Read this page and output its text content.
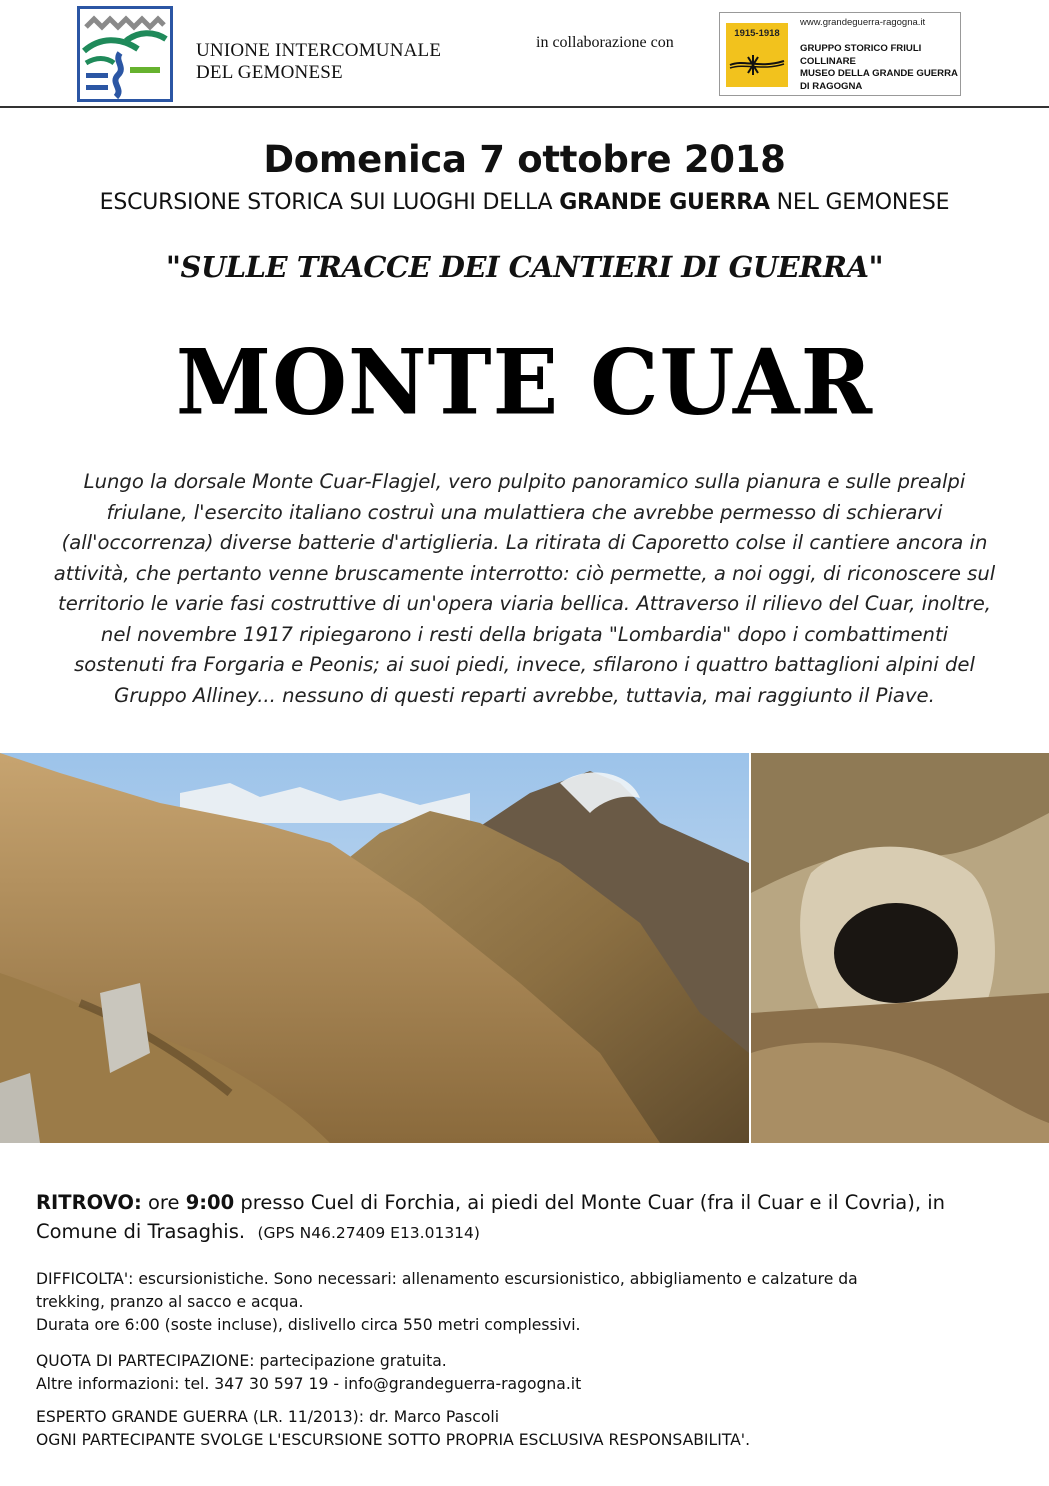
UNIONE INTERCOMUNALE
DEL GEMONESE
in collaborazione con
1915-1918
www.grandeguerra-ragogna.it
GRUPPO STORICO FRIULI COLLINARE
MUSEO DELLA GRANDE GUERRA
DI RAGOGNA
Domenica 7 ottobre 2018
ESCURSIONE STORICA SUI LUOGHI DELLA GRANDE GUERRA NEL GEMONESE
"SULLE TRACCE DEI CANTIERI DI GUERRA"
MONTE CUAR
Lungo la dorsale Monte Cuar-Flagjel, vero pulpito panoramico sulla pianura e sulle prealpi
friulane, l'esercito italiano costruì una mulattiera che avrebbe permesso di schierarvi
(all'occorrenza) diverse batterie d'artiglieria. La ritirata di Caporetto colse il cantiere ancora in
attività, che pertanto venne bruscamente interrotto: ciò permette, a noi oggi, di riconoscere sul
territorio le varie fasi costruttive di un'opera viaria bellica. Attraverso il rilievo del Cuar, inoltre,
nel novembre 1917 ripiegarono i resti della brigata "Lombardia" dopo i combattimenti
sostenuti fra Forgaria e Peonis; ai suoi piedi, invece, sfilarono i quattro battaglioni alpini del
Gruppo Alliney... nessuno di questi reparti avrebbe, tuttavia, mai raggiunto il Piave.
RITROVO: ore 9:00 presso Cuel di Forchia, ai piedi del Monte Cuar (fra il Cuar e il Covria), in
Comune di Trasaghis. (GPS N46.27409 E13.01314)
DIFFICOLTA': escursionistiche. Sono necessari: allenamento escursionistico, abbigliamento e calzature da
trekking, pranzo al sacco e acqua.
Durata ore 6:00 (soste incluse), dislivello circa 550 metri complessivi.
QUOTA DI PARTECIPAZIONE: partecipazione gratuita.
Altre informazioni: tel. 347 30 597 19 - info@grandeguerra-ragogna.it
ESPERTO GRANDE GUERRA (LR. 11/2013): dr. Marco Pascoli
OGNI PARTECIPANTE SVOLGE L'ESCURSIONE SOTTO PROPRIA ESCLUSIVA RESPONSABILITA'.
